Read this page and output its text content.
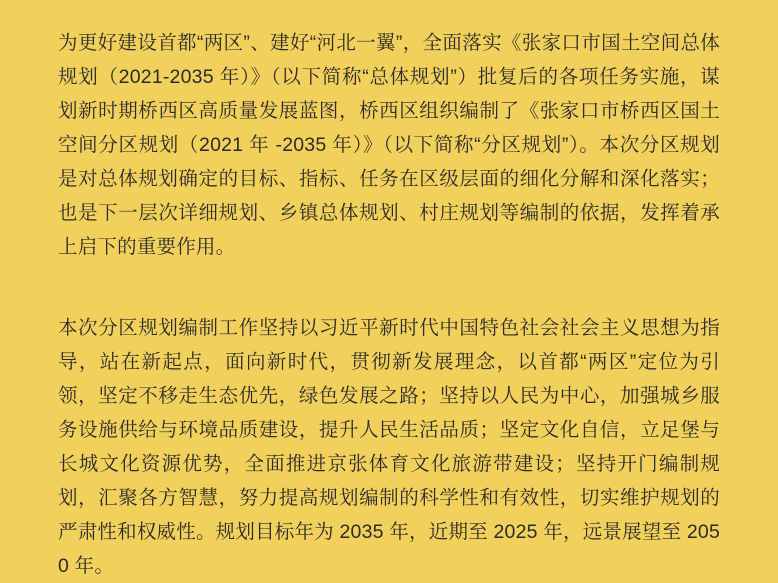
为更好建设首都“两区”、建好“河北一翼”，全面落实《张家口市国土空间总体规划（2021-2035 年）》（以下简称“总体规划”）批复后的各项任务实施，谋划新时期桥西区高质量发展蓝图，桥西区组织编制了《张家口市桥西区国土空间分区规划（2021 年 -2035 年）》（以下简称“分区规划”）。本次分区规划是对总体规划确定的目标、指标、任务在区级层面的细化分解和深化落实；也是下一层次详细规划、乡镇总体规划、村庄规划等编制的依据，发挥着承上启下的重要作用。

本次分区规划编制工作坚持以习近平新时代中国特色社会社会主义思想为指导，站在新起点，面向新时代，贯彻新发展理念，以首都“两区”定位为引领，坚定不移走生态优先，绿色发展之路；坚持以人民为中心，加强城乡服务设施供给与环境品质建设，提升人民生活品质；坚定文化自信，立足堡与长城文化资源优势，全面推进京张体育文化旅游带建设；坚持开门编制规划，汇聚各方智慧，努力提高规划编制的科学性和有效性，切实维护规划的严肃性和权威性。规划目标年为 2035 年，近期至 2025 年，远景展望至 2050 年。
